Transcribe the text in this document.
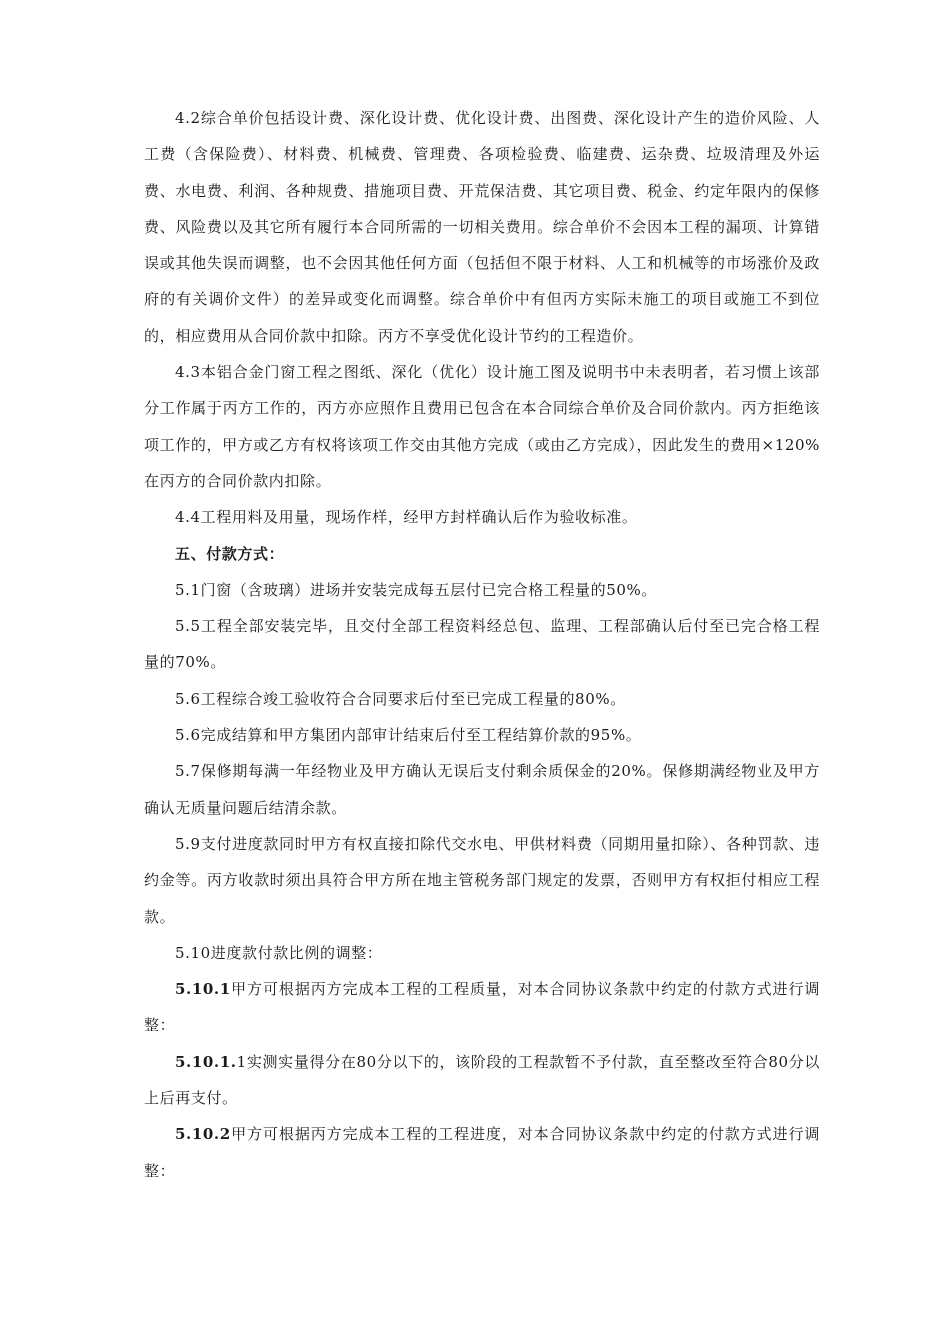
4.2综合单价包括设计费、深化设计费、优化设计费、出图费、深化设计产生的造价风险、人工费（含保险费）、材料费、机械费、管理费、各项检验费、临建费、运杂费、垃圾清理及外运费、水电费、利润、各种规费、措施项目费、开荒保洁费、其它项目费、税金、约定年限内的保修费、风险费以及其它所有履行本合同所需的一切相关费用。综合单价不会因本工程的漏项、计算错误或其他失误而调整，也不会因其他任何方面（包括但不限于材料、人工和机械等的市场涨价及政府的有关调价文件）的差异或变化而调整。综合单价中有但丙方实际未施工的项目或施工不到位的，相应费用从合同价款中扣除。丙方不享受优化设计节约的工程造价。

4.3本铝合金门窗工程之图纸、深化（优化）设计施工图及说明书中未表明者，若习惯上该部分工作属于丙方工作的，丙方亦应照作且费用已包含在本合同综合单价及合同价款内。丙方拒绝该项工作的，甲方或乙方有权将该项工作交由其他方完成（或由乙方完成），因此发生的费用×120%在丙方的合同价款内扣除。

4.4工程用料及用量，现场作样，经甲方封样确认后作为验收标准。

五、付款方式：

5.1门窗（含玻璃）进场并安装完成每五层付已完合格工程量的50%。

5.5工程全部安装完毕，且交付全部工程资料经总包、监理、工程部确认后付至已完合格工程量的70%。

5.6工程综合竣工验收符合合同要求后付至已完成工程量的80%。

5.6完成结算和甲方集团内部审计结束后付至工程结算价款的95%。

5.7保修期每满一年经物业及甲方确认无误后支付剩余质保金的20%。保修期满经物业及甲方确认无质量问题后结清余款。

5.9支付进度款同时甲方有权直接扣除代交水电、甲供材料费（同期用量扣除）、各种罚款、违约金等。丙方收款时须出具符合甲方所在地主管税务部门规定的发票，否则甲方有权拒付相应工程款。

5.10进度款付款比例的调整：

5.10.1甲方可根据丙方完成本工程的工程质量，对本合同协议条款中约定的付款方式进行调整：

5.10.1.1实测实量得分在80分以下的，该阶段的工程款暂不予付款，直至整改至符合80分以上后再支付。

5.10.2甲方可根据丙方完成本工程的工程进度，对本合同协议条款中约定的付款方式进行调整：
